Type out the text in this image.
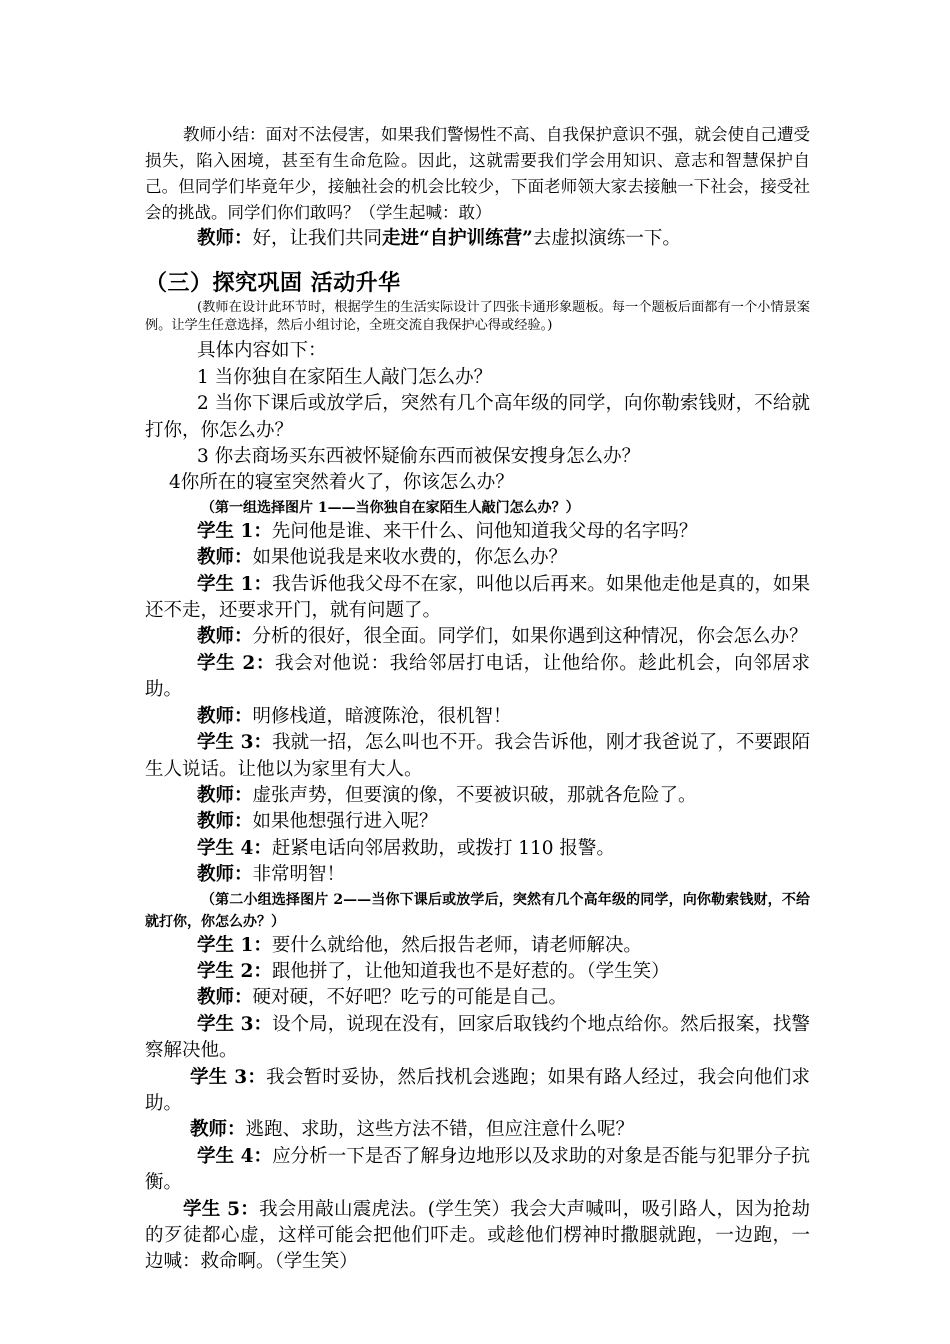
教师小结：面对不法侵害，如果我们警惕性不高、自我保护意识不强，就会使自己遭受损失，陷入困境，甚至有生命危险。因此，这就需要我们学会用知识、意志和智慧保护自己。但同学们毕竟年少，接触社会的机会比较少，下面老师领大家去接触一下社会，接受社会的挑战。同学们你们敢吗？（学生起喊：敢）

教师：好，让我们共同走进“自护训练营”去虚拟演练一下。

（三）探究巩固 活动升华

(教师在设计此环节时，根据学生的生活实际设计了四张卡通形象题板。每一个题板后面都有一个小情景案例。让学生任意选择，然后小组讨论，全班交流自我保护心得或经验。)

具体内容如下：

1 当你独自在家陌生人敲门怎么办？

2 当你下课后或放学后，突然有几个高年级的同学，向你勒索钱财，不给就打你，你怎么办？

3 你去商场买东西被怀疑偷东西而被保安搜身怎么办？

4你所在的寝室突然着火了，你该怎么办？

（第一组选择图片 1——当你独自在家陌生人敲门怎么办？）

学生 1：先问他是谁、来干什么、问他知道我父母的名字吗？

教师：如果他说我是来收水费的，你怎么办？

学生 1：我告诉他我父母不在家，叫他以后再来。如果他走他是真的，如果还不走，还要求开门，就有问题了。

教师：分析的很好，很全面。同学们，如果你遇到这种情况，你会怎么办？

学生 2：我会对他说：我给邻居打电话，让他给你。趁此机会，向邻居求助。

教师：明修栈道，暗渡陈沧，很机智！

学生 3：我就一招，怎么叫也不开。我会告诉他，刚才我爸说了，不要跟陌生人说话。让他以为家里有大人。

教师：虚张声势，但要演的像，不要被识破，那就各危险了。

教师：如果他想强行进入呢？

学生 4：赶紧电话向邻居救助，或拨打 110 报警。

教师：非常明智！

（第二小组选择图片 2——当你下课后或放学后，突然有几个高年级的同学，向你勒索钱财，不给就打你，你怎么办？）

学生 1：要什么就给他，然后报告老师，请老师解决。

学生 2：跟他拼了，让他知道我也不是好惹的。（学生笑）

教师：硬对硬，不好吧？吃亏的可能是自己。

学生 3：设个局，说现在没有，回家后取钱约个地点给你。然后报案，找警察解决他。

学生 3：我会暂时妥协，然后找机会逃跑；如果有路人经过，我会向他们求助。

教师：逃跑、求助，这些方法不错，但应注意什么呢？

学生 4：应分析一下是否了解身边地形以及求助的对象是否能与犯罪分子抗衡。

学生 5：我会用敲山震虎法。(学生笑）我会大声喊叫，吸引路人，因为抢劫的歹徒都心虚，这样可能会把他们吓走。或趁他们楞神时撒腿就跑，一边跑，一边喊：救命啊。（学生笑）
